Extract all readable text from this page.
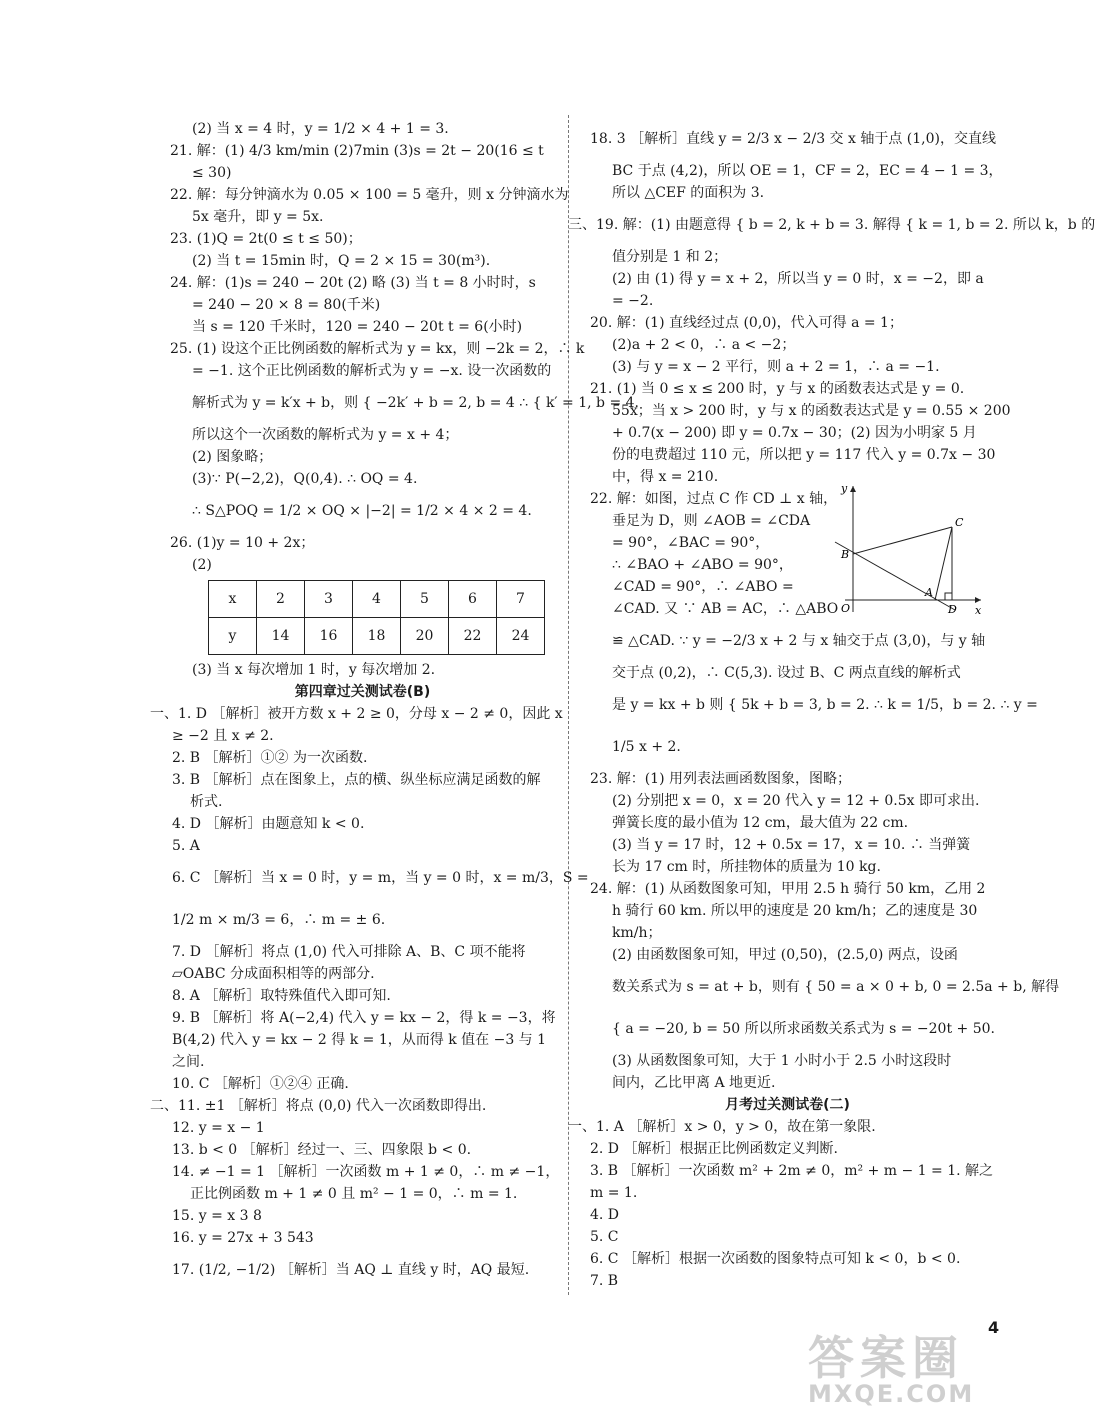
(2) 当 x = 4 时，y = 1/2 × 4 + 1 = 3.
21. 解：(1) 4/3 km/min (2)7min (3)s = 2t − 20(16 ≤ t
≤ 30)
22. 解：每分钟滴水为 0.05 × 100 = 5 毫升，则 x 分钟滴水为
5x 毫升，即 y = 5x.
23. (1)Q = 2t(0 ≤ t ≤ 50)；
(2) 当 t = 15min 时，Q = 2 × 15 = 30(m³).
24. 解：(1)s = 240 − 20t (2) 略 (3) 当 t = 8 小时时，s
= 240 − 20 × 8 = 80(千米)
当 s = 120 千米时，120 = 240 − 20t t = 6(小时)
25. (1) 设这个正比例函数的解析式为 y = kx，则 −2k = 2，∴ k
= −1. 这个正比例函数的解析式为 y = −x. 设一次函数的
解析式为 y = k′x + b，则 { −2k′ + b = 2, b = 4 ∴ { k′ = 1, b = 4.
所以这个一次函数的解析式为 y = x + 4；
(2) 图象略；
(3)∵ P(−2,2)，Q(0,4). ∴ OQ = 4.
∴ S△POQ = 1/2 × OQ × |−2| = 1/2 × 4 × 2 = 4.
26. (1)y = 10 + 2x；
(2)
x	2	3	4	5	6	7
y	14	16	18	20	22	24
(3) 当 x 每次增加 1 时，y 每次增加 2.
第四章过关测试卷(B)
一、1. D ［解析］被开方数 x + 2 ≥ 0，分母 x − 2 ≠ 0，因此 x
≥ −2 且 x ≠ 2.
2. B ［解析］①② 为一次函数.
3. B ［解析］点在图象上，点的横、纵坐标应满足函数的解
析式.
4. D ［解析］由题意知 k < 0.
5. A
6. C ［解析］当 x = 0 时，y = m，当 y = 0 时，x = m/3，S =
1/2 m × m/3 = 6，∴ m = ± 6.
7. D ［解析］将点 (1,0) 代入可排除 A、B、C 项不能将
▱OABC 分成面积相等的两部分.
8. A ［解析］取特殊值代入即可知.
9. B ［解析］将 A(−2,4) 代入 y = kx − 2，得 k = −3，将
B(4,2) 代入 y = kx − 2 得 k = 1，从而得 k 值在 −3 与 1
之间.
10. C ［解析］①②④ 正确.
二、11. ±1 ［解析］将点 (0,0) 代入一次函数即得出.
12. y = x − 1
13. b < 0 ［解析］经过一、三、四象限 b < 0.
14. ≠ −1 = 1 ［解析］一次函数 m + 1 ≠ 0，∴ m ≠ −1，
正比例函数 m + 1 ≠ 0 且 m² − 1 = 0，∴ m = 1.
15. y = x 3 8
16. y = 27x + 3 543
17. (1/2, −1/2) ［解析］当 AQ ⊥ 直线 y 时，AQ 最短.
18. 3 ［解析］直线 y = 2/3 x − 2/3 交 x 轴于点 (1,0)，交直线
BC 于点 (4,2)，所以 OE = 1，CF = 2，EC = 4 − 1 = 3，
所以 △CEF 的面积为 3.
三、19. 解：(1) 由题意得 { b = 2, k + b = 3. 解得 { k = 1, b = 2. 所以 k，b 的
值分别是 1 和 2；
(2) 由 (1) 得 y = x + 2，所以当 y = 0 时，x = −2，即 a
= −2.
20. 解：(1) 直线经过点 (0,0)，代入可得 a = 1；
(2)a + 2 < 0，∴ a < −2；
(3) 与 y = x − 2 平行，则 a + 2 = 1，∴ a = −1.
21. (1) 当 0 ≤ x ≤ 200 时，y 与 x 的函数表达式是 y = 0.
55x；当 x > 200 时，y 与 x 的函数表达式是 y = 0.55 × 200
+ 0.7(x − 200) 即 y = 0.7x − 30；(2) 因为小明家 5 月
份的电费超过 110 元，所以把 y = 117 代入 y = 0.7x − 30
中，得 x = 210.
22. 解：如图，过点 C 作 CD ⊥ x 轴，
垂足为 D，则 ∠AOB = ∠CDA
= 90°，∠BAC = 90°，
∴ ∠BAO + ∠ABO = 90°，
∠CAD = 90°，∴ ∠ABO =
∠CAD. 又 ∵ AB = AC，∴ △ABO
y
x
O
B
A
C
D
≌ △CAD. ∵ y = −2/3 x + 2 与 x 轴交于点 (3,0)，与 y 轴
交于点 (0,2)，∴ C(5,3). 设过 B、C 两点直线的解析式
是 y = kx + b 则 { 5k + b = 3, b = 2. ∴ k = 1/5，b = 2. ∴ y =
1/5 x + 2.
23. 解：(1) 用列表法画函数图象，图略；
(2) 分别把 x = 0，x = 20 代入 y = 12 + 0.5x 即可求出.
弹簧长度的最小值为 12 cm，最大值为 22 cm.
(3) 当 y = 17 时，12 + 0.5x = 17，x = 10. ∴ 当弹簧
长为 17 cm 时，所挂物体的质量为 10 kg.
24. 解：(1) 从函数图象可知，甲用 2.5 h 骑行 50 km，乙用 2
h 骑行 60 km. 所以甲的速度是 20 km/h；乙的速度是 30
km/h；
(2) 由函数图象可知，甲过 (0,50)，(2.5,0) 两点，设函
数关系式为 s = at + b，则有 { 50 = a × 0 + b, 0 = 2.5a + b, 解得
{ a = −20, b = 50 所以所求函数关系式为 s = −20t + 50.
(3) 从函数图象可知，大于 1 小时小于 2.5 小时这段时
间内，乙比甲离 A 地更近.
月考过关测试卷(二)
一、1. A ［解析］x > 0，y > 0，故在第一象限.
2. D ［解析］根据正比例函数定义判断.
3. B ［解析］一次函数 m² + 2m ≠ 0，m² + m − 1 = 1. 解之
m = 1.
4. D
5. C
6. C ［解析］根据一次函数的图象特点可知 k < 0，b < 0.
7. B
4
答案圈
MXQE.COM
